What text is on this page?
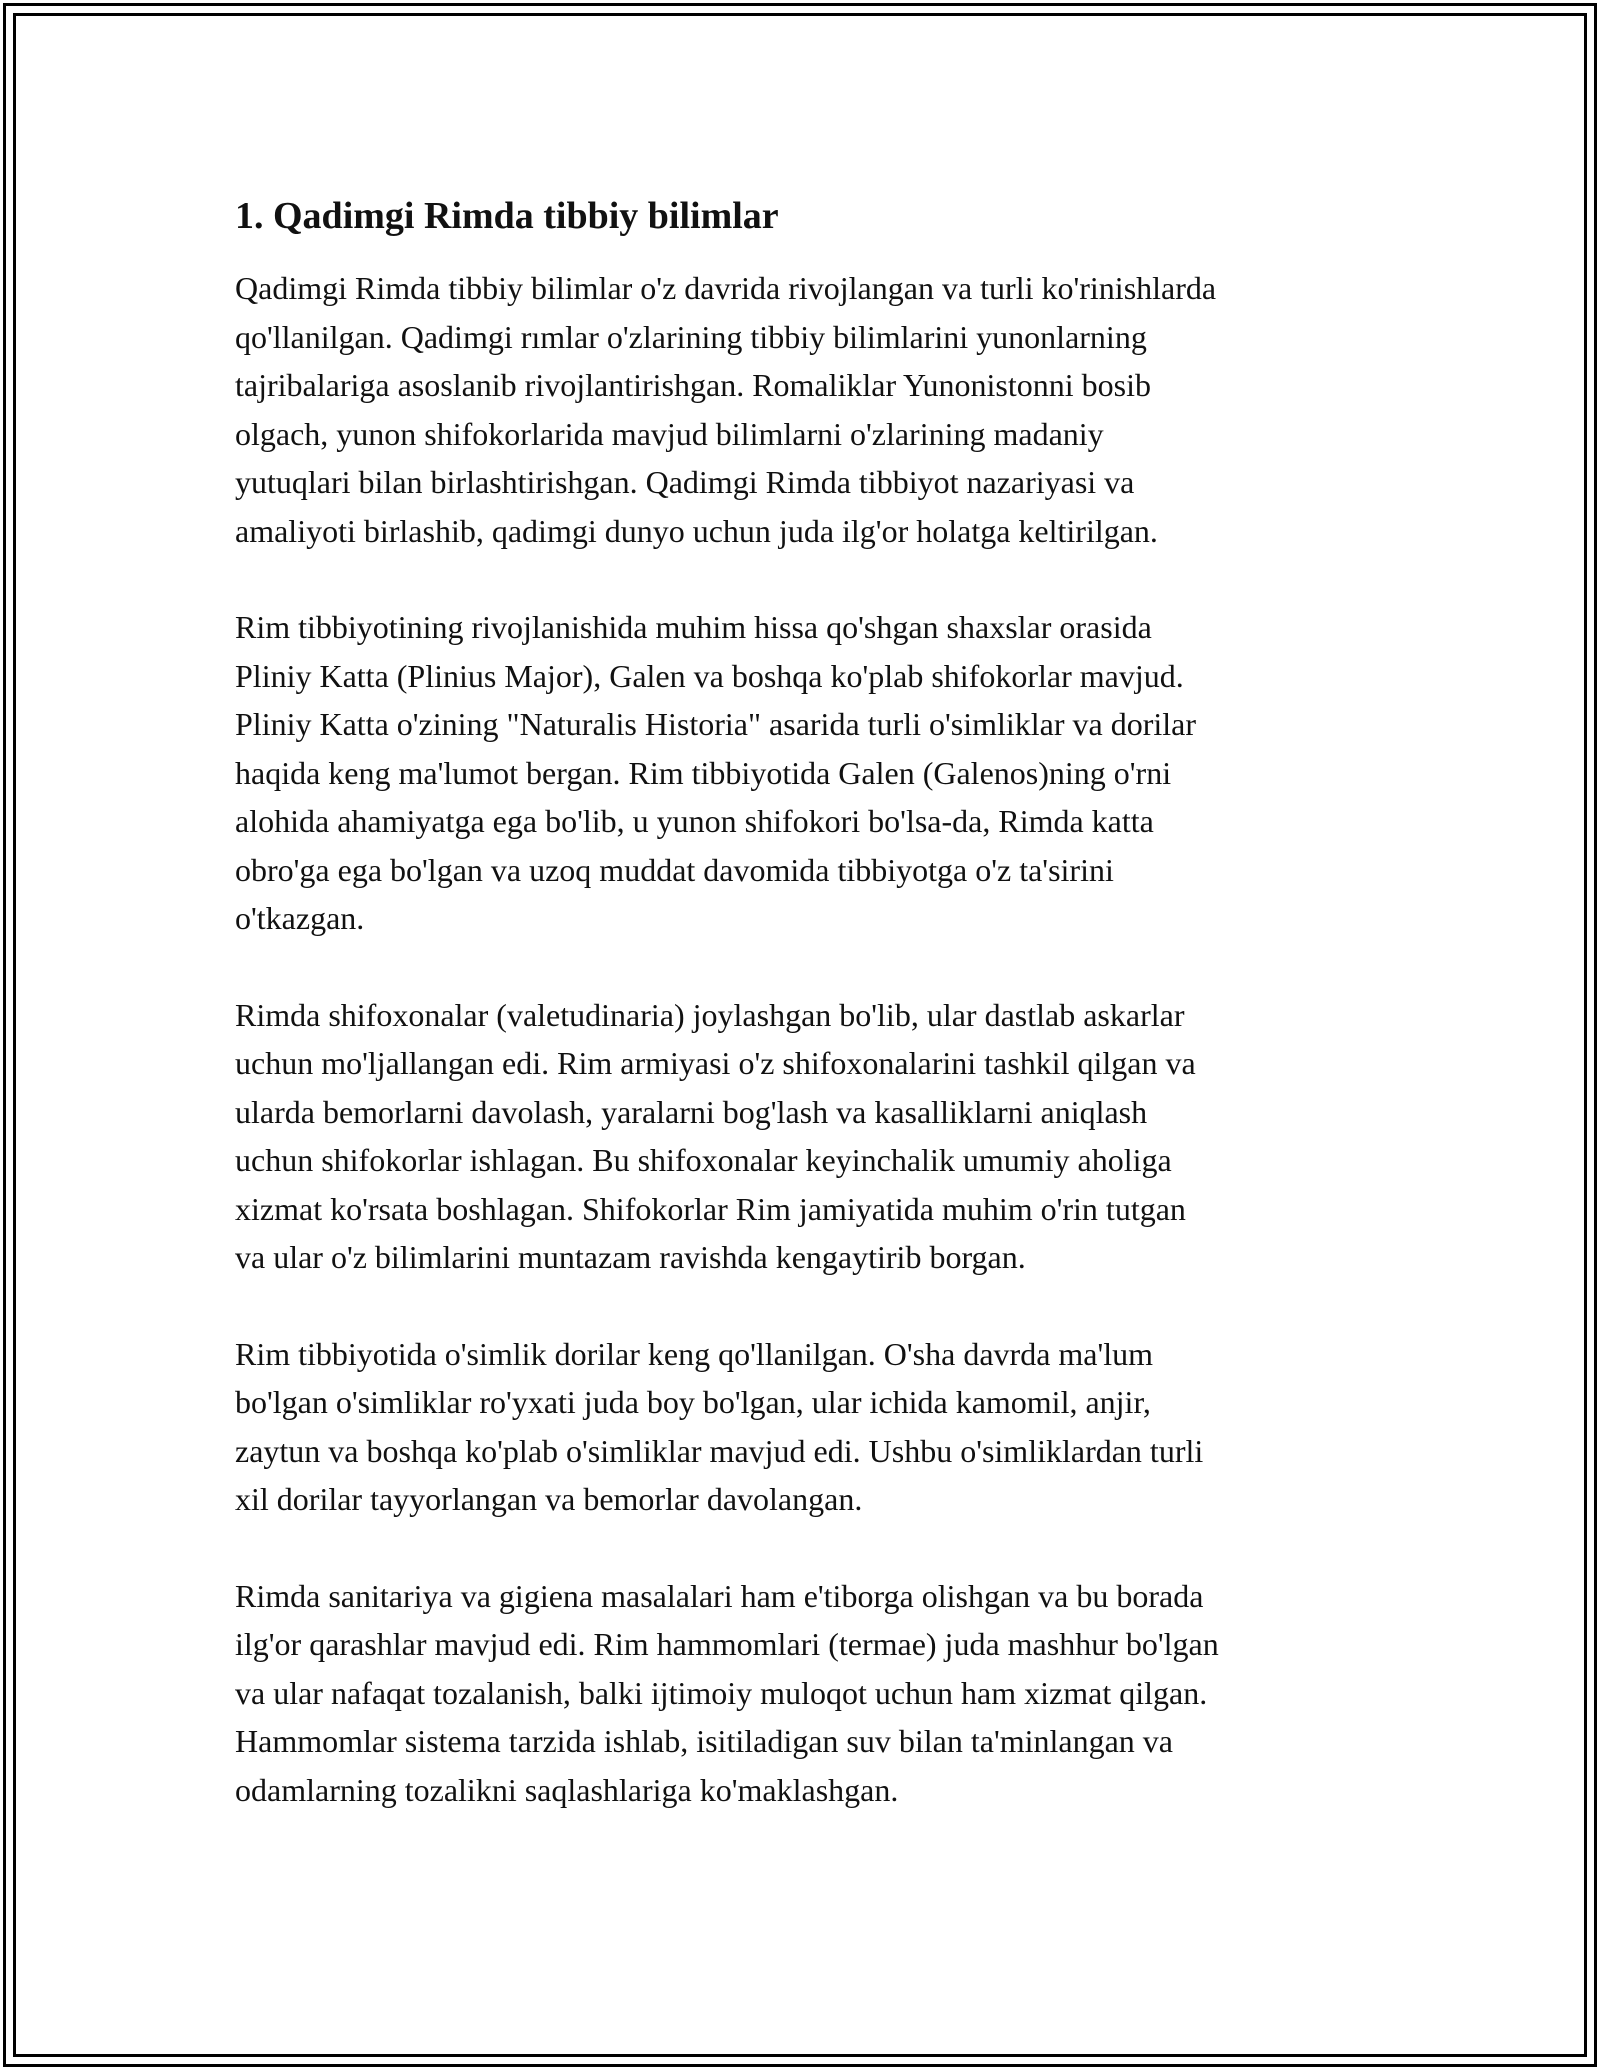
1. Qadimgi Rimda tibbiy bilimlar

Qadimgi Rimda tibbiy bilimlar o'z davrida rivojlangan va turli ko'rinishlarda
qo'llanilgan. Qadimgi rımlar o'zlarining tibbiy bilimlarini yunonlarning
tajribalariga asoslanib rivojlantirishgan. Romaliklar Yunonistonni bosib
olgach, yunon shifokorlarida mavjud bilimlarni o'zlarining madaniy
yutuqlari bilan birlashtirishgan. Qadimgi Rimda tibbiyot nazariyasi va
amaliyoti birlashib, qadimgi dunyo uchun juda ilg'or holatga keltirilgan.

Rim tibbiyotining rivojlanishida muhim hissa qo'shgan shaxslar orasida
Pliniy Katta (Plinius Major), Galen va boshqa ko'plab shifokorlar mavjud.
Pliniy Katta o'zining "Naturalis Historia" asarida turli o'simliklar va dorilar
haqida keng ma'lumot bergan. Rim tibbiyotida Galen (Galenos)ning o'rni
alohida ahamiyatga ega bo'lib, u yunon shifokori bo'lsa-da, Rimda katta
obro'ga ega bo'lgan va uzoq muddat davomida tibbiyotga o'z ta'sirini
o'tkazgan.

Rimda shifoxonalar (valetudinaria) joylashgan bo'lib, ular dastlab askarlar
uchun mo'ljallangan edi. Rim armiyasi o'z shifoxonalarini tashkil qilgan va
ularda bemorlarni davolash, yaralarni bog'lash va kasalliklarni aniqlash
uchun shifokorlar ishlagan. Bu shifoxonalar keyinchalik umumiy aholiga
xizmat ko'rsata boshlagan. Shifokorlar Rim jamiyatida muhim o'rin tutgan
va ular o'z bilimlarini muntazam ravishda kengaytirib borgan.

Rim tibbiyotida o'simlik dorilar keng qo'llanilgan. O'sha davrda ma'lum
bo'lgan o'simliklar ro'yxati juda boy bo'lgan, ular ichida kamomil, anjir,
zaytun va boshqa ko'plab o'simliklar mavjud edi. Ushbu o'simliklardan turli
xil dorilar tayyorlangan va bemorlar davolangan.

Rimda sanitariya va gigiena masalalari ham e'tiborga olishgan va bu borada
ilg'or qarashlar mavjud edi. Rim hammomlari (termae) juda mashhur bo'lgan
va ular nafaqat tozalanish, balki ijtimoiy muloqot uchun ham xizmat qilgan.
Hammomlar sistema tarzida ishlab, isitiladigan suv bilan ta'minlangan va
odamlarning tozalikni saqlashlariga ko'maklashgan.
